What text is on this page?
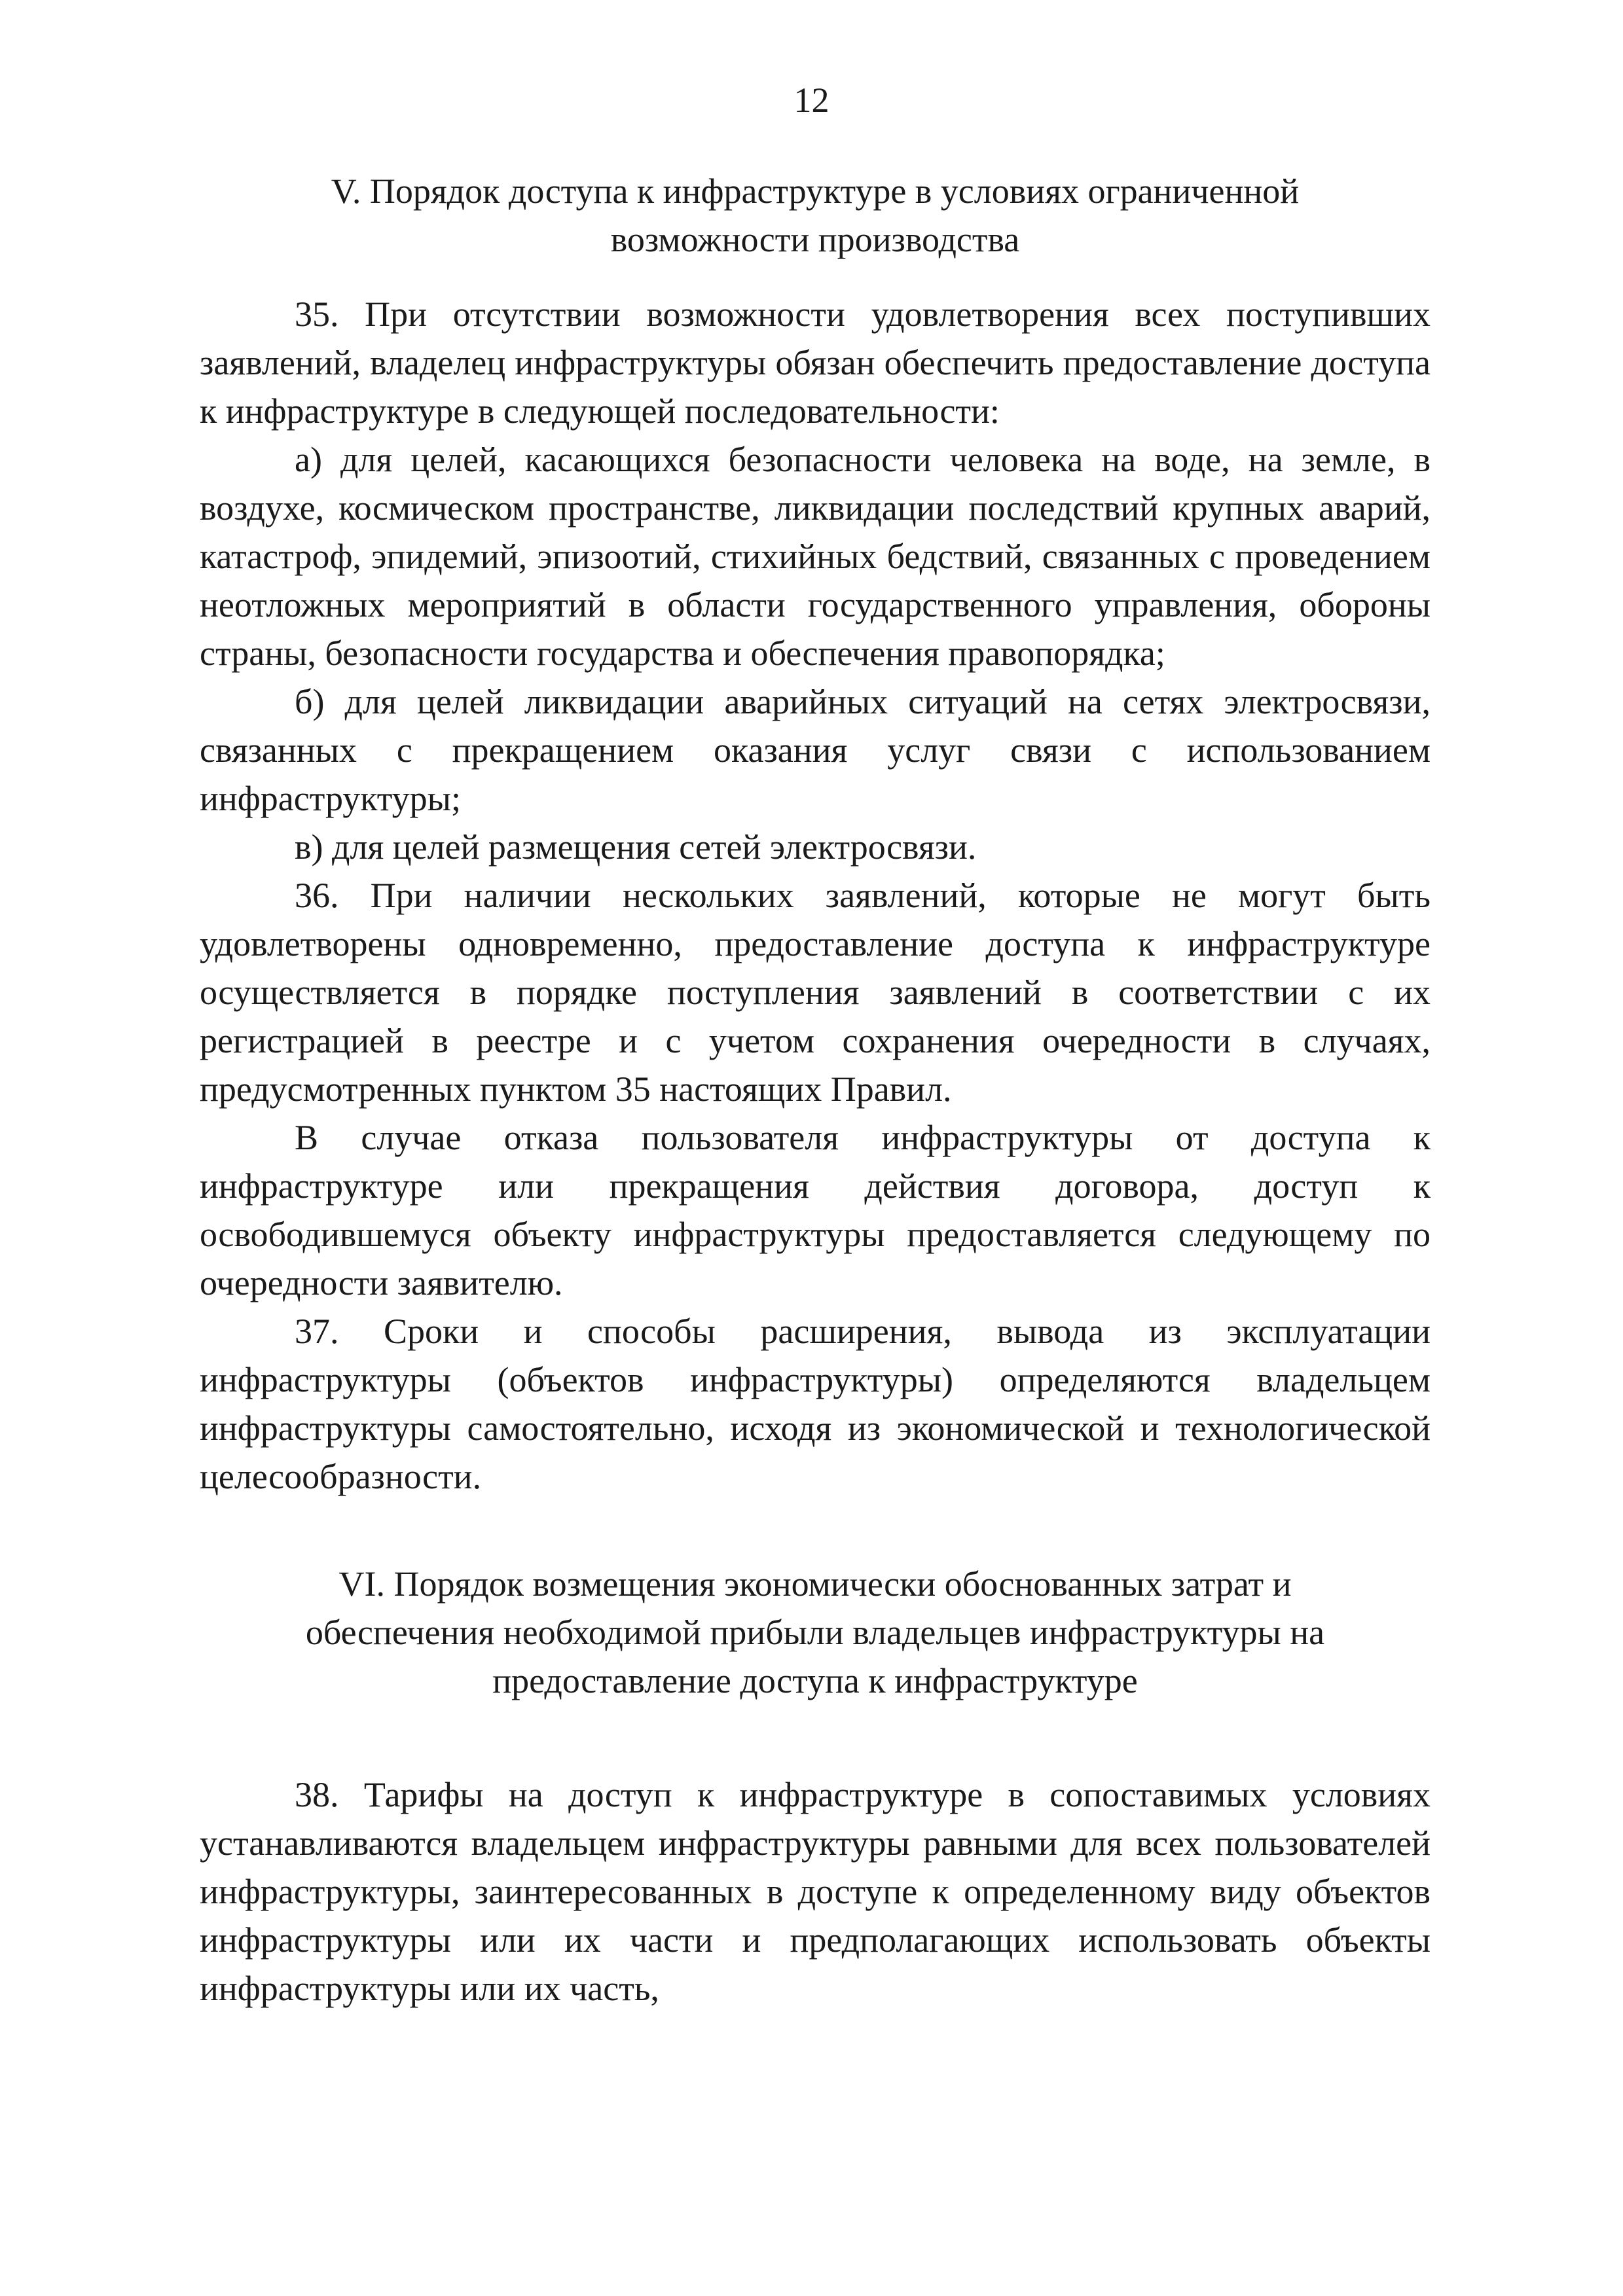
12
V. Порядок доступа к инфраструктуре в условиях ограниченной возможности производства

35. При отсутствии возможности удовлетворения всех поступивших заявлений, владелец инфраструктуры обязан обеспечить предоставление доступа к инфраструктуре в следующей последовательности:

а) для целей, касающихся безопасности человека на воде, на земле, в воздухе, космическом пространстве, ликвидации последствий крупных аварий, катастроф, эпидемий, эпизоотий, стихийных бедствий, связанных с проведением неотложных мероприятий в области государственного управления, обороны страны, безопасности государства и обеспечения правопорядка;

б) для целей ликвидации аварийных ситуаций на сетях электросвязи, связанных с прекращением оказания услуг связи с использованием инфраструктуры;

в) для целей размещения сетей электросвязи.

36. При наличии нескольких заявлений, которые не могут быть удовлетворены одновременно, предоставление доступа к инфраструктуре осуществляется в порядке поступления заявлений в соответствии с их регистрацией в реестре и с учетом сохранения очередности в случаях, предусмотренных пунктом 35 настоящих Правил.

В случае отказа пользователя инфраструктуры от доступа к инфраструктуре или прекращения действия договора, доступ к освободившемуся объекту инфраструктуры предоставляется следующему по очередности заявителю.

37. Сроки и способы расширения, вывода из эксплуатации инфраструктуры (объектов инфраструктуры) определяются владельцем инфраструктуры самостоятельно, исходя из экономической и технологической целесообразности.

VI. Порядок возмещения экономически обоснованных затрат и обеспечения необходимой прибыли владельцев инфраструктуры на предоставление доступа к инфраструктуре

38. Тарифы на доступ к инфраструктуре в сопоставимых условиях устанавливаются владельцем инфраструктуры равными для всех пользователей инфраструктуры, заинтересованных в доступе к определенному виду объектов инфраструктуры или их части и предполагающих использовать объекты инфраструктуры или их часть,
